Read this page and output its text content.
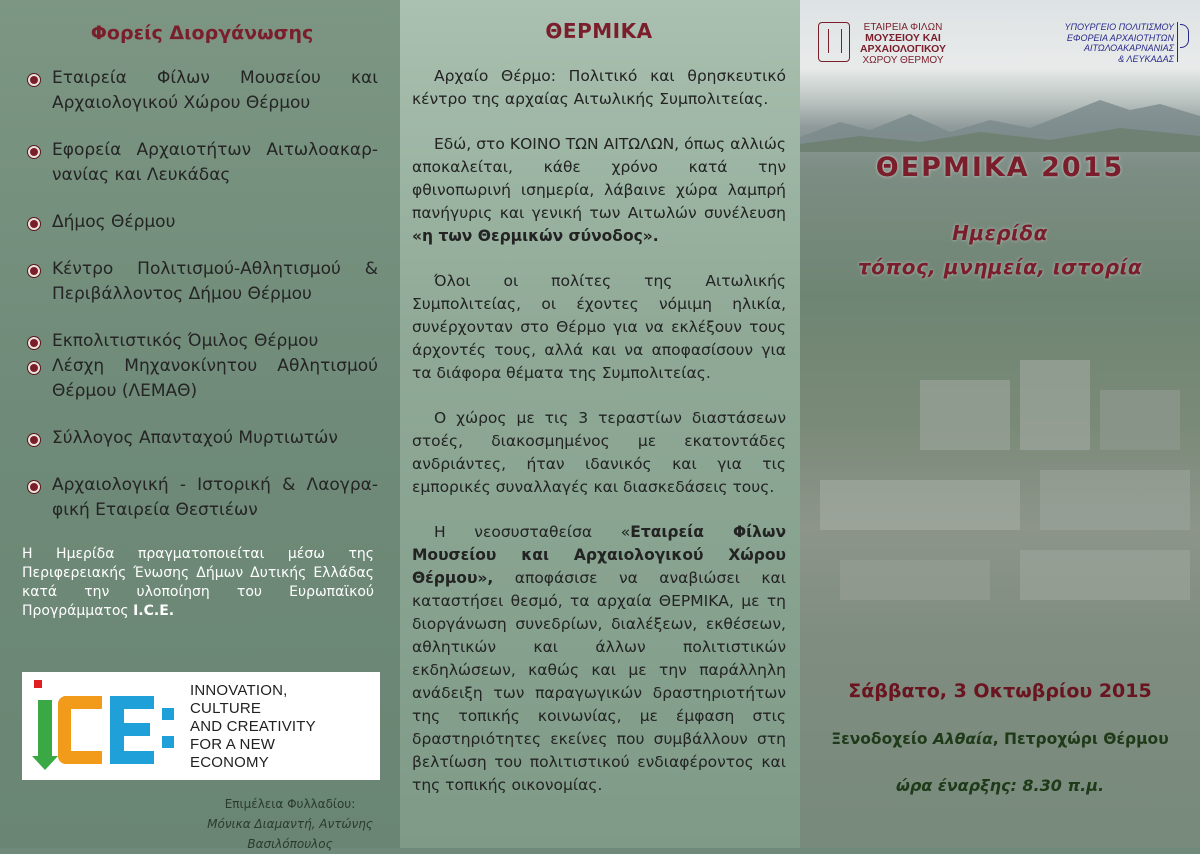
Φορείς Διοργάνωσης
Εταιρεία Φίλων Μουσείου και Αρχαιολογικού Χώρου Θέρμου
Εφορεία Αρχαιοτήτων Αιτωλοακαρ-νανίας και Λευκάδας
Δήμος Θέρμου
Κέντρο Πολιτισμού-Αθλητισμού & Περιβάλλοντος Δήμου Θέρμου
Εκπολιτιστικός Όμιλος Θέρμου
Λέσχη Μηχανοκίνητου Αθλητισμού Θέρμου (ΛΕΜΑΘ)
Σύλλογος Απανταχού Μυρτιωτών
Αρχαιολογική - Ιστορική & Λαογρα-φική Εταιρεία Θεστιέων
Η Ημερίδα πραγματοποιείται μέσω της Περιφερειακής Ένωσης Δήμων Δυτικής Ελλάδας κατά την υλοποίηση του Ευρωπαϊκού Προγράμματος I.C.E.
INNOVATION,
CULTURE
AND CREATIVITY
FOR A NEW
ECONOMY
Επιμέλεια Φυλλαδίου:
Μόνικα Διαμαντή, Αντώνης Βασιλόπουλος
ΘΕΡΜΙΚΑ

Αρχαίο Θέρμο: Πολιτικό και θρησκευτικό κέντρο της αρχαίας Αιτωλικής Συμπολιτείας.

Εδώ, στο ΚΟΙΝΟ ΤΩΝ ΑΙΤΩΛΩΝ, όπως αλλιώς αποκαλείται, κάθε χρόνο κατά την φθινοπωρινή ισημερία, λάβαινε χώρα λαμπρή πανήγυρις και γενική των Αιτωλών συνέλευση «η των Θερμικών σύνοδος».

Όλοι οι πολίτες της Αιτωλικής Συμπολιτείας, οι έχοντες νόμιμη ηλικία, συνέρχονταν στο Θέρμο για να εκλέξουν τους άρχοντές τους, αλλά και να αποφασίσουν για τα διάφορα θέματα της Συμπολιτείας.

Ο χώρος με τις 3 τεραστίων διαστάσεων στοές, διακοσμημένος με εκατοντάδες ανδριάντες, ήταν ιδανικός και για τις εμπορικές συναλλαγές και διασκεδάσεις τους.

Η νεοσυσταθείσα «Εταιρεία Φίλων Μουσείου και Αρχαιολογικού Χώρου Θέρμου», αποφάσισε να αναβιώσει και καταστήσει θεσμό, τα αρχαία ΘΕΡΜΙΚΑ, με τη διοργάνωση συνεδρίων, διαλέξεων, εκθέσεων, αθλητικών και άλλων πολιτιστικών εκδηλώσεων, καθώς και με την παράλληλη ανάδειξη των παραγωγικών δραστηριοτήτων της τοπικής κοινωνίας, με έμφαση στις δραστηριότητες εκείνες που συμβάλλουν στη βελτίωση του πολιτιστικού ενδιαφέροντος και της τοπικής οικονομίας.

ΕΤΑΙΡΕΙΑ ΦΙΛΩΝ
ΜΟΥΣΕΙΟΥ ΚΑΙ
ΑΡΧΑΙΟΛΟΓΙΚΟΥ
ΧΩΡΟΥ ΘΕΡΜΟΥ
ΥΠΟΥΡΓΕΙΟ ΠΟΛΙΤΙΣΜΟΥ
ΕΦΟΡΕΙΑ ΑΡΧΑΙΟΤΗΤΩΝ
ΑΙΤΩΛΟΑΚΑΡΝΑΝΙΑΣ
& ΛΕΥΚΑΔΑΣ
ΘΕΡΜΙΚΑ 2015
Ημερίδα
τόπος, μνημεία, ιστορία
Σάββατο, 3 Οκτωβρίου 2015
Ξενοδοχείο Αλθαία, Πετροχώρι Θέρμου
ώρα έναρξης: 8.30 π.μ.
